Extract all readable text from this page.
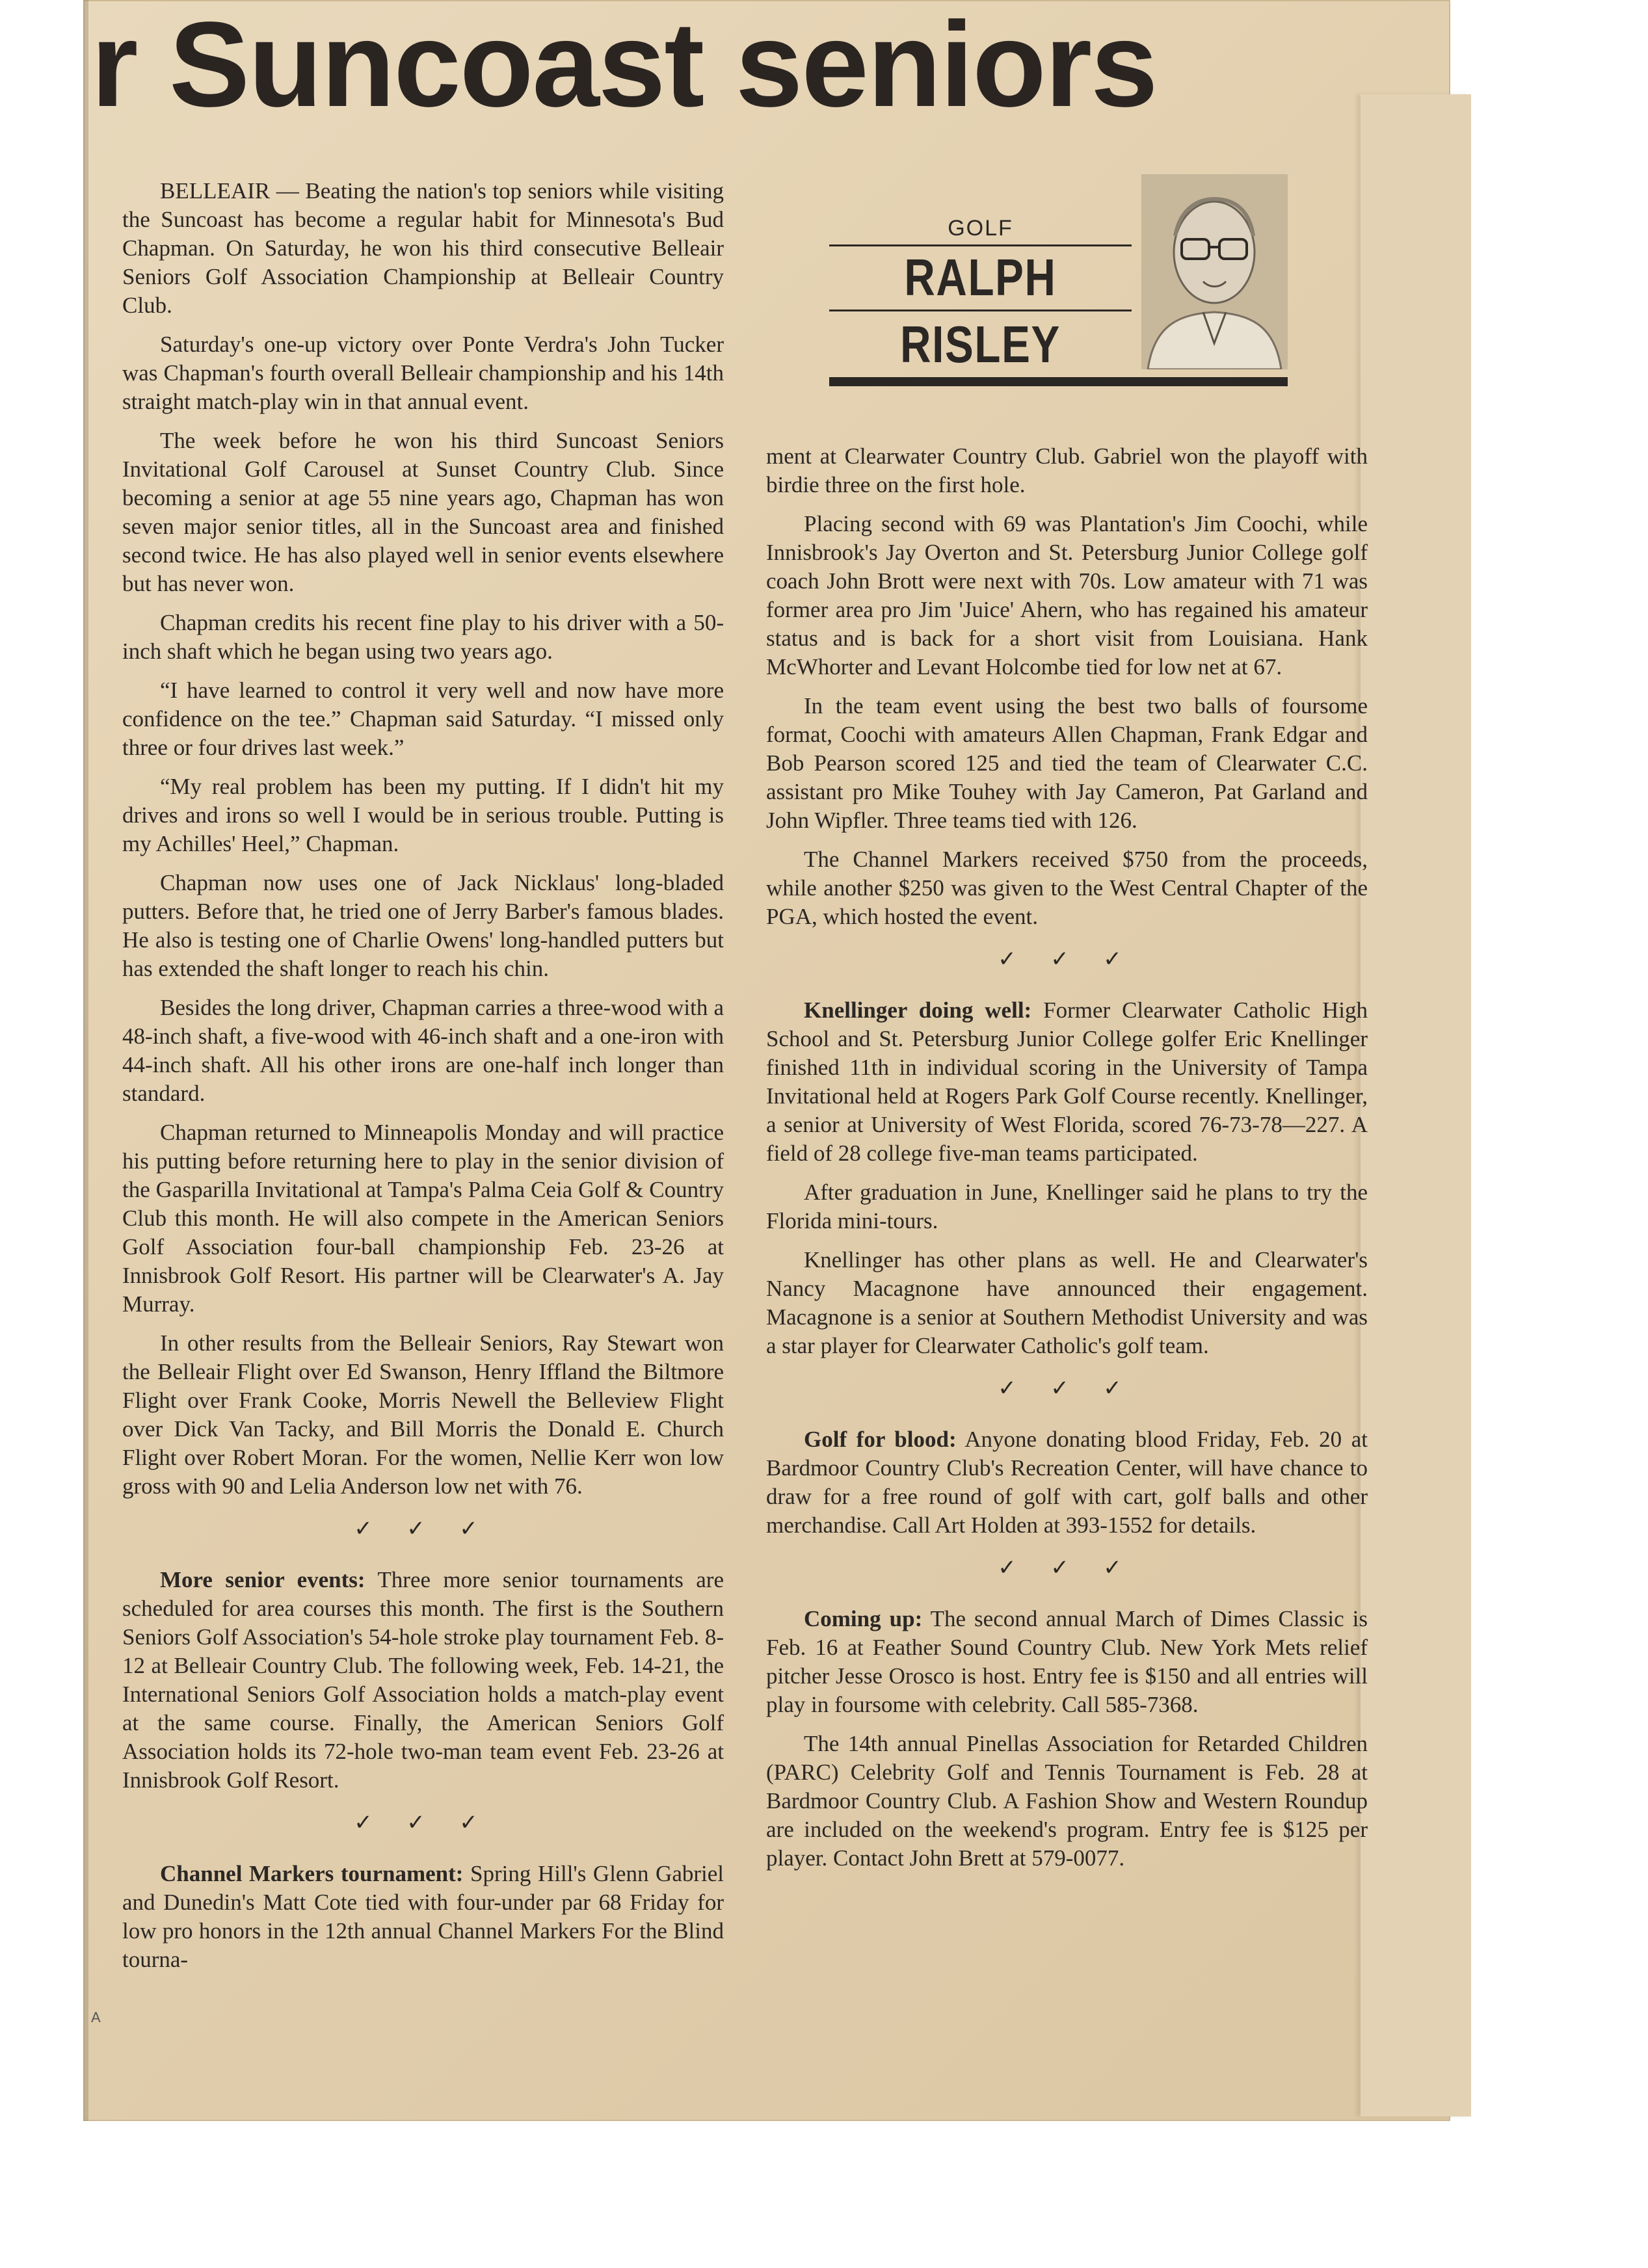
r Suncoast seniors
GOLF
RALPH
RISLEY

BELLEAIR — Beating the nation's top seniors while visiting the Suncoast has become a regular habit for Minnesota's Bud Chapman. On Saturday, he won his third consecutive Belleair Seniors Golf Association Championship at Belleair Country Club.

Saturday's one-up victory over Ponte Verdra's John Tucker was Chapman's fourth overall Belleair championship and his 14th straight match-play win in that annual event.

The week before he won his third Suncoast Seniors Invitational Golf Carousel at Sunset Country Club. Since becoming a senior at age 55 nine years ago, Chapman has won seven major senior titles, all in the Suncoast area and finished second twice. He has also played well in senior events elsewhere but has never won.

Chapman credits his recent fine play to his driver with a 50-inch shaft which he began using two years ago.

“I have learned to control it very well and now have more confidence on the tee.” Chapman said Saturday. “I missed only three or four drives last week.”

“My real problem has been my putting. If I didn't hit my drives and irons so well I would be in serious trouble. Putting is my Achilles' Heel,” Chapman.

Chapman now uses one of Jack Nicklaus' long-bladed putters. Before that, he tried one of Jerry Barber's famous blades. He also is testing one of Charlie Owens' long-handled putters but has extended the shaft longer to reach his chin.

Besides the long driver, Chapman carries a three-wood with a 48-inch shaft, a five-wood with 46-inch shaft and a one-iron with 44-inch shaft. All his other irons are one-half inch longer than standard.

Chapman returned to Minneapolis Monday and will practice his putting before returning here to play in the senior division of the Gasparilla Invitational at Tampa's Palma Ceia Golf & Country Club this month. He will also compete in the American Seniors Golf Association four-ball championship Feb. 23-26 at Innisbrook Golf Resort. His partner will be Clearwater's A. Jay Murray.

In other results from the Belleair Seniors, Ray Stewart won the Belleair Flight over Ed Swanson, Henry Iffland the Biltmore Flight over Frank Cooke, Morris Newell the Belleview Flight over Dick Van Tacky, and Bill Morris the Donald E. Church Flight over Robert Moran. For the women, Nellie Kerr won low gross with 90 and Lelia Anderson low net with 76.

✓ ✓ ✓

More senior events: Three more senior tournaments are scheduled for area courses this month. The first is the Southern Seniors Golf Association's 54-hole stroke play tournament Feb. 8-12 at Belleair Country Club. The following week, Feb. 14-21, the International Seniors Golf Association holds a match-play event at the same course. Finally, the American Seniors Golf Association holds its 72-hole two-man team event Feb. 23-26 at Innisbrook Golf Resort.

✓ ✓ ✓

Channel Markers tournament: Spring Hill's Glenn Gabriel and Dunedin's Matt Cote tied with four-under par 68 Friday for low pro honors in the 12th annual Channel Markers For the Blind tourna-

ment at Clearwater Country Club. Gabriel won the playoff with birdie three on the first hole.

Placing second with 69 was Plantation's Jim Coochi, while Innisbrook's Jay Overton and St. Petersburg Junior College golf coach John Brott were next with 70s. Low amateur with 71 was former area pro Jim 'Juice' Ahern, who has regained his amateur status and is back for a short visit from Louisiana. Hank McWhorter and Levant Holcombe tied for low net at 67.

In the team event using the best two balls of foursome format, Coochi with amateurs Allen Chapman, Frank Edgar and Bob Pearson scored 125 and tied the team of Clearwater C.C. assistant pro Mike Touhey with Jay Cameron, Pat Garland and John Wipfler. Three teams tied with 126.

The Channel Markers received $750 from the proceeds, while another $250 was given to the West Central Chapter of the PGA, which hosted the event.

✓ ✓ ✓

Knellinger doing well: Former Clearwater Catholic High School and St. Petersburg Junior College golfer Eric Knellinger finished 11th in individual scoring in the University of Tampa Invitational held at Rogers Park Golf Course recently. Knellinger, a senior at University of West Florida, scored 76-73-78—227. A field of 28 college five-man teams participated.

After graduation in June, Knellinger said he plans to try the Florida mini-tours.

Knellinger has other plans as well. He and Clearwater's Nancy Macagnone have announced their engagement. Macagnone is a senior at Southern Methodist University and was a star player for Clearwater Catholic's golf team.

✓ ✓ ✓

Golf for blood: Anyone donating blood Friday, Feb. 20 at Bardmoor Country Club's Recreation Center, will have chance to draw for a free round of golf with cart, golf balls and other merchandise. Call Art Holden at 393-1552 for details.

✓ ✓ ✓

Coming up: The second annual March of Dimes Classic is Feb. 16 at Feather Sound Country Club. New York Mets relief pitcher Jesse Orosco is host. Entry fee is $150 and all entries will play in foursome with celebrity. Call 585-7368.

The 14th annual Pinellas Association for Retarded Children (PARC) Celebrity Golf and Tennis Tournament is Feb. 28 at Bardmoor Country Club. A Fashion Show and Western Roundup are included on the weekend's program. Entry fee is $125 per player. Contact John Brett at 579-0077.

A
